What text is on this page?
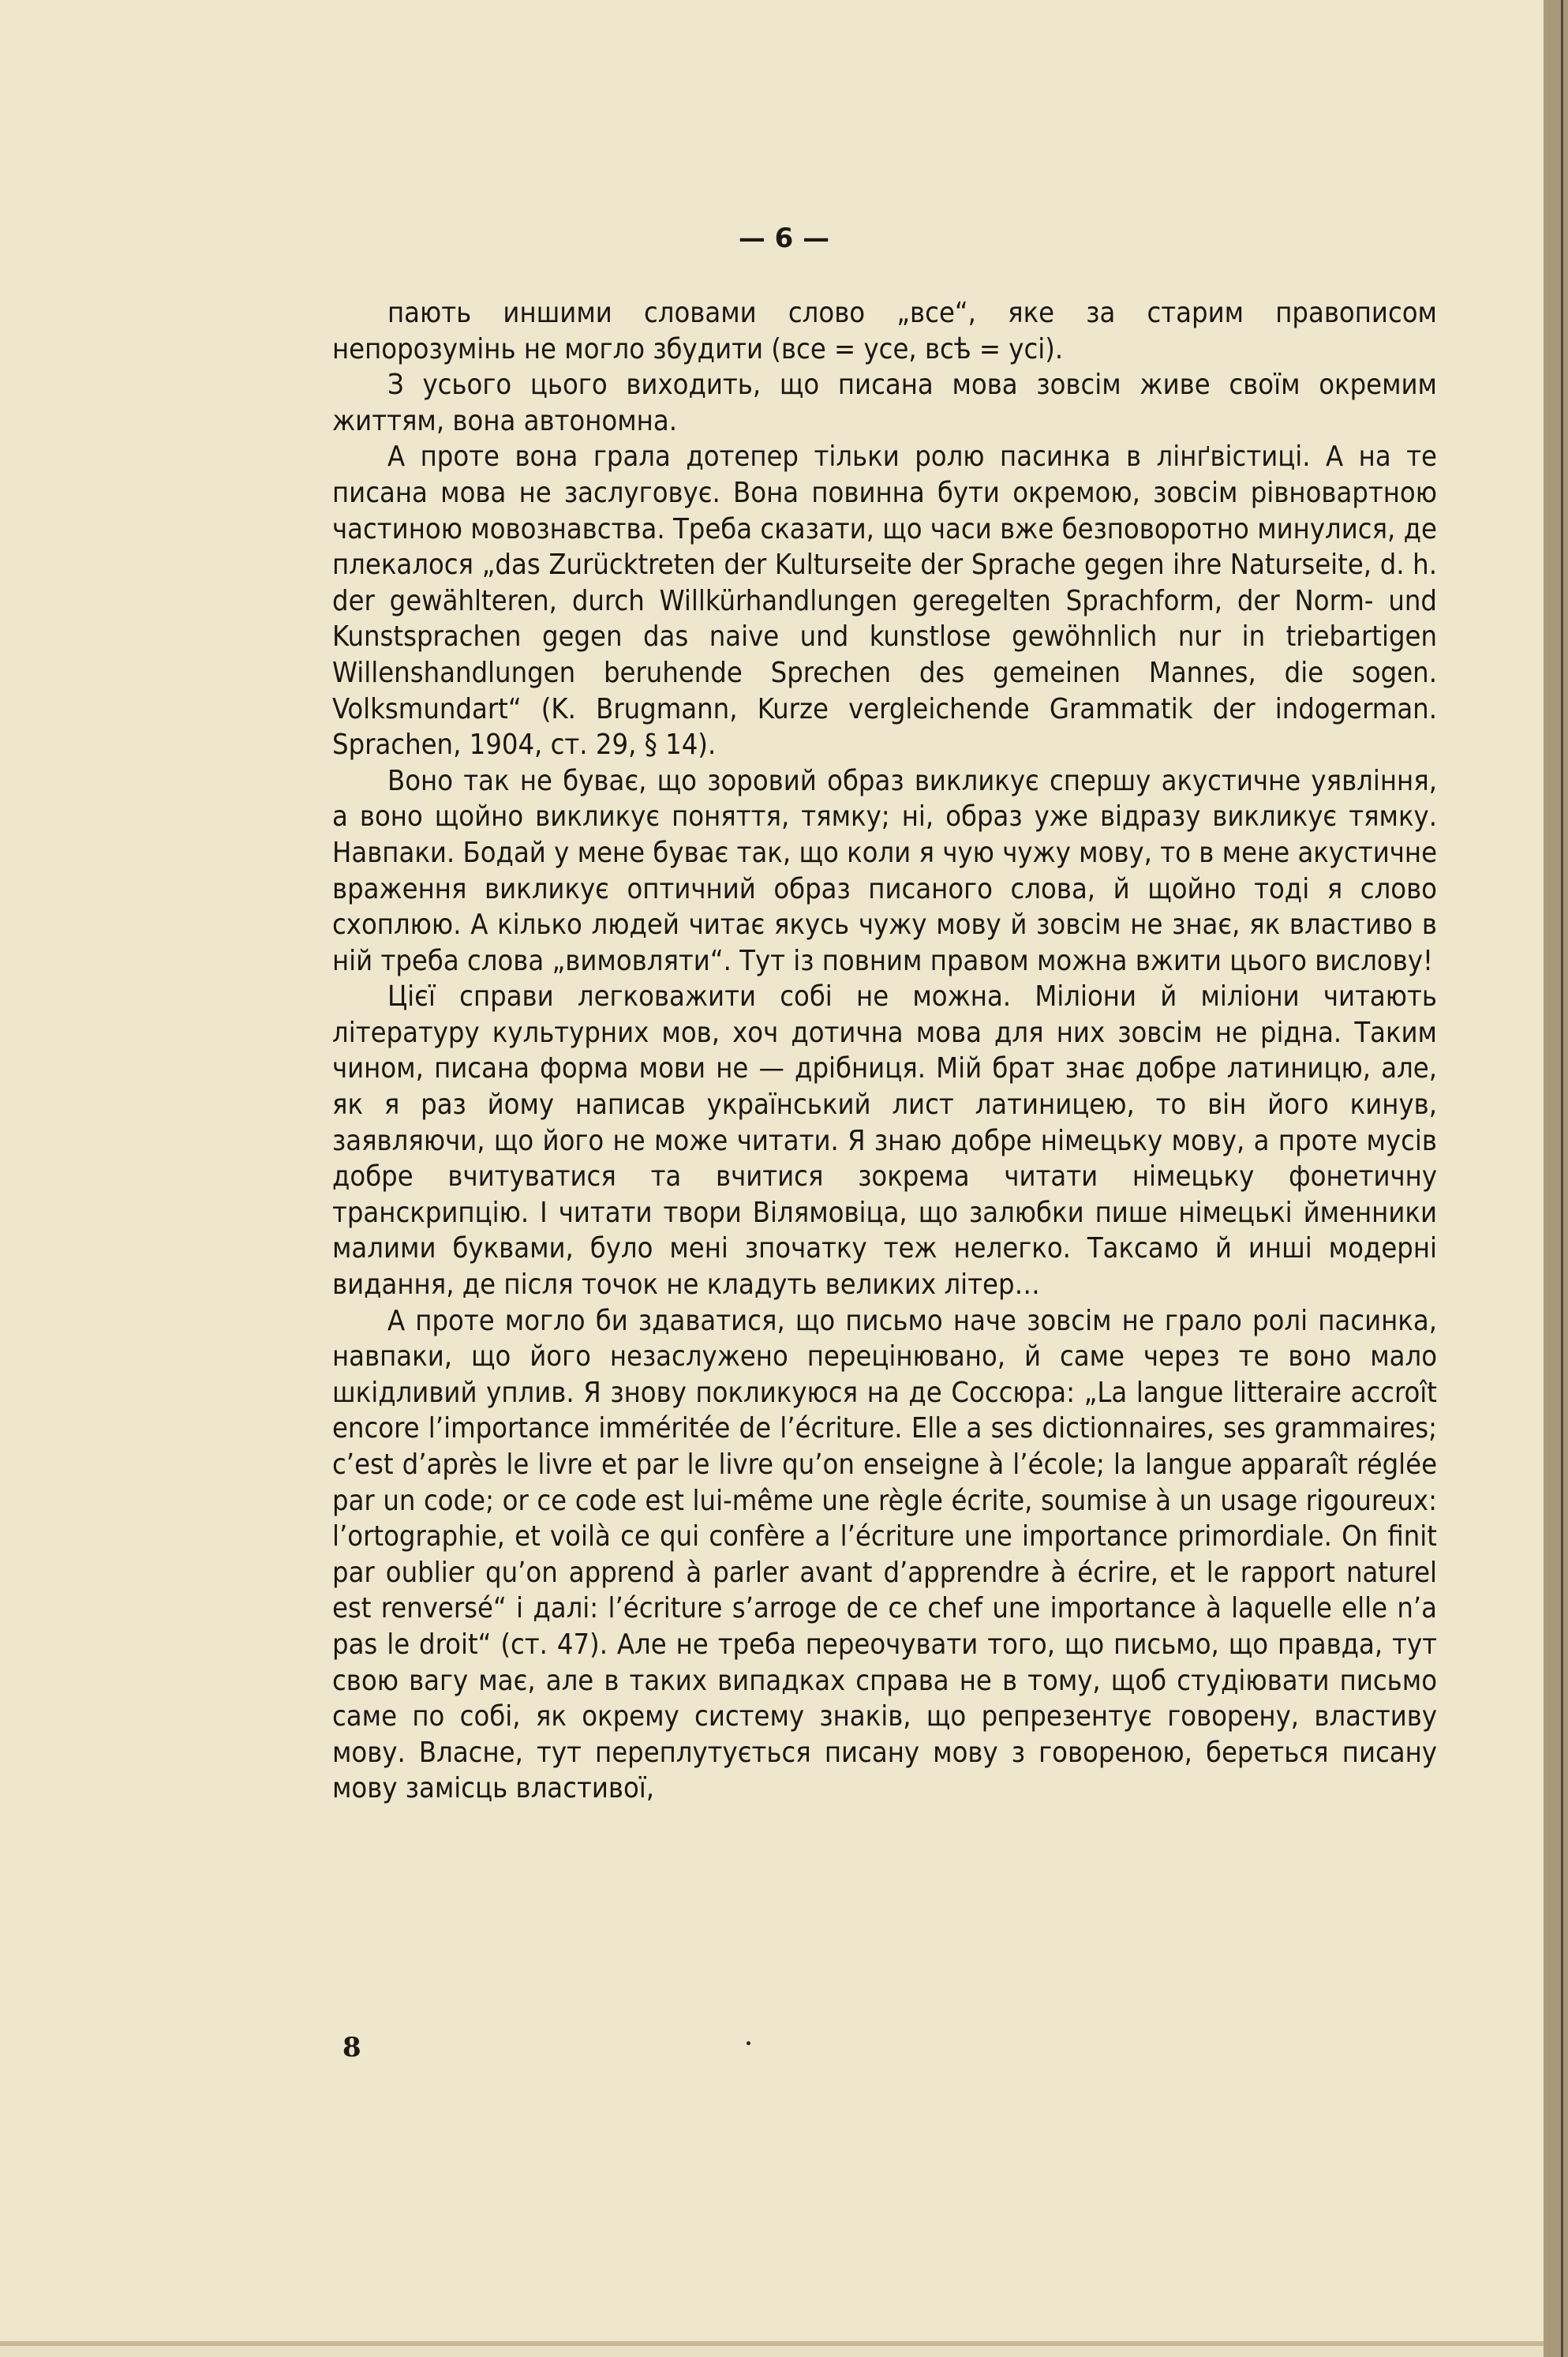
— 6 —

пають иншими словами слово „все“, яке за старим правописом непорозумінь не могло збудити (все = усе, всѣ = усі).

З усього цього виходить, що писана мова зовсім живе своїм окремим життям, вона автономна.

А проте вона грала дотепер тільки ролю пасинка в лінґвістиці. А на те писана мова не заслуговує. Вона повинна бути окремою, зовсім рівновартною частиною мовознавства. Треба сказати, що часи вже безповоротно минулися, де плекалося „das Zurücktreten der Kulturseite der Sprache gegen ihre Naturseite, d. h. der gewählteren, durch Willkürhandlungen geregelten Sprachform, der Norm- und Kunstsprachen gegen das naive und kunstlose gewöhnlich nur in triebartigen Willenshandlungen beruhende Sprechen des gemeinen Mannes, die sogen. Volksmundart“ (K. Brugmann, Kurze vergleichende Grammatik der indogerman. Sprachen, 1904, ст. 29, § 14).

Воно так не буває, що зоровий образ викликує спершу акустичне уявління, а воно щойно викликує поняття, тямку; ні, образ уже відразу викликує тямку. Навпаки. Бодай у мене буває так, що коли я чую чужу мову, то в мене акустичне враження викликує оптичний образ писаного слова, й щойно тоді я слово схоплюю. А кілько людей читає якусь чужу мову й зовсім не знає, як властиво в ній треба слова „вимовляти“. Тут із повним правом можна вжити цього вислову!

Цієї справи легковажити собі не можна. Міліони й міліони читають літературу культурних мов, хоч дотична мова для них зовсім не рідна. Таким чином, писана форма мови не — дрібниця. Мій брат знає добре латиницю, але, як я раз йому написав український лист латиницею, то він його кинув, заявляючи, що його не може читати. Я знаю добре німецьку мову, а проте мусів добре вчитуватися та вчитися зокрема читати німецьку фонетичну транскрипцію. І читати твори Вілямовіца, що залюбки пише німецькі йменники малими буквами, було мені зпочатку теж нелегко. Таксамо й инші модерні видання, де після точок не кладуть великих літер…

А проте могло би здаватися, що письмо наче зовсім не грало ролі пасинка, навпаки, що його незаслужено перецінювано, й саме через те воно мало шкідливий уплив. Я знову покликуюся на де Соссюра: „La langue litteraire accroît encore l’importance imméritée de l’écriture. Elle a ses dictionnaires, ses grammaires; c’est d’après le livre et par le livre qu’on enseigne à l’école; la langue apparaît réglée par un code; or ce code est lui-même une règle écrite, soumise à un usage rigoureux: l’ortographie, et voilà ce qui confère a l’écriture une importance primordiale. On finit par oublier qu’on apprend à parler avant d’apprendre à écrire, et le rapport naturel est renversé“ і далі: l’écriture s’arroge de ce chef une importance à laquelle elle n’a pas le droit“ (ст. 47). Але не треба переочувати того, що письмо, що правда, тут свою вагу має, але в таких випадках справа не в тому, щоб студіювати письмо саме по собі, як окрему систему знаків, що репрезентує говорену, властиву мову. Власне, тут переплутується писану мову з говореною, береться писану мову замісць властивої,

8
